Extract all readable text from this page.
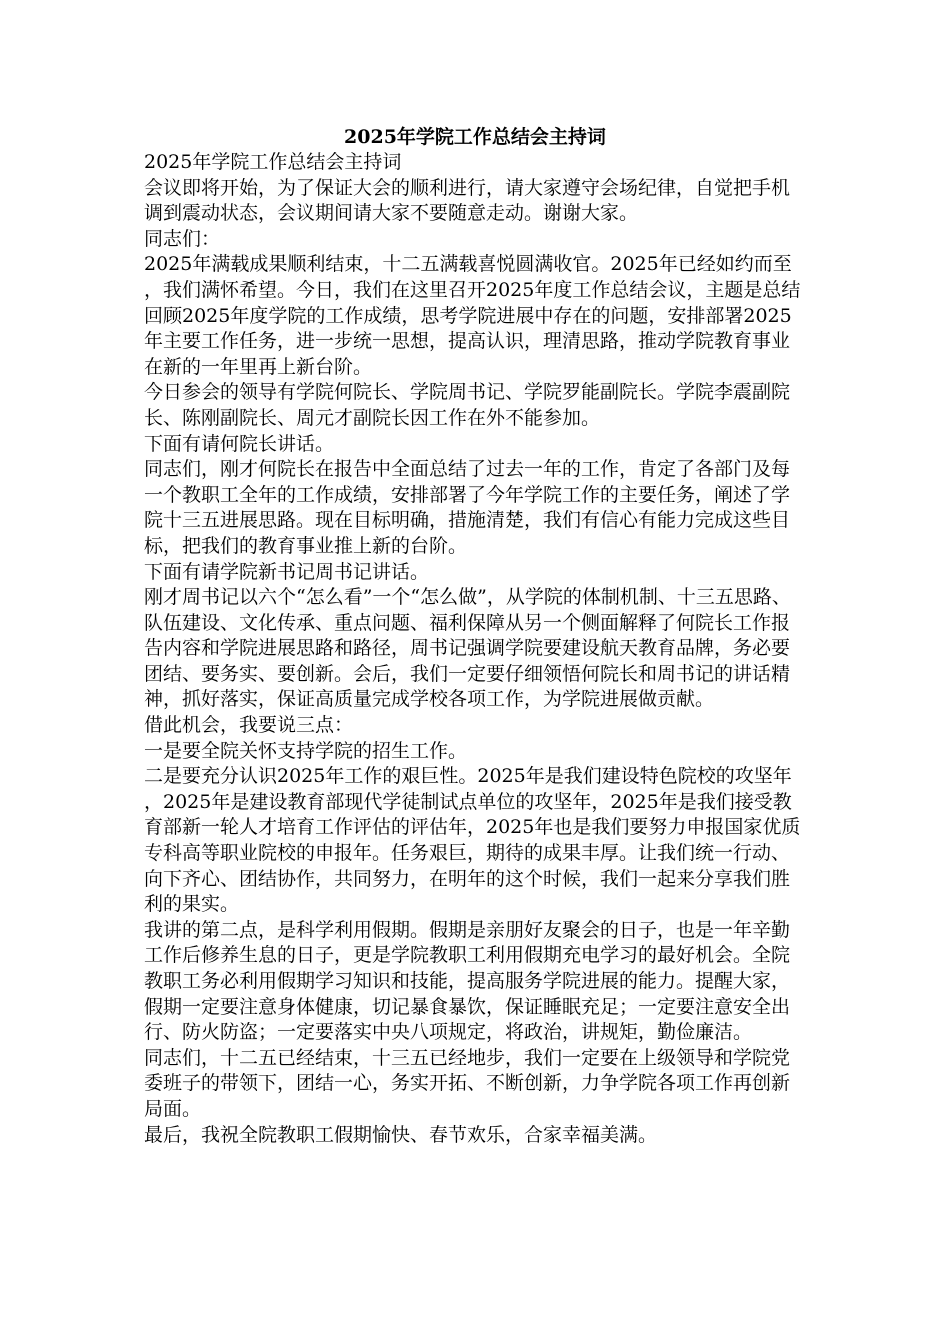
2025年学院工作总结会主持词

2025年学院工作总结会主持词

会议即将开始，为了保证大会的顺利进行，请大家遵守会场纪律，自觉把手机调到震动状态，会议期间请大家不要随意走动。谢谢大家。

同志们：

2025年满载成果顺利结束，十二五满载喜悦圆满收官。2025年已经如约而至，我们满怀希望。今日，我们在这里召开2025年度工作总结会议，主题是总结回顾2025年度学院的工作成绩，思考学院进展中存在的问题，安排部署2025年主要工作任务，进一步统一思想，提高认识，理清思路，推动学院教育事业在新的一年里再上新台阶。

今日参会的领导有学院何院长、学院周书记、学院罗能副院长。学院李震副院长、陈刚副院长、周元才副院长因工作在外不能参加。

下面有请何院长讲话。

同志们，刚才何院长在报告中全面总结了过去一年的工作，肯定了各部门及每一个教职工全年的工作成绩，安排部署了今年学院工作的主要任务，阐述了学院十三五进展思路。现在目标明确，措施清楚，我们有信心有能力完成这些目标，把我们的教育事业推上新的台阶。

下面有请学院新书记周书记讲话。

刚才周书记以六个“怎么看”一个“怎么做”，从学院的体制机制、十三五思路、队伍建设、文化传承、重点问题、福利保障从另一个侧面解释了何院长工作报告内容和学院进展思路和路径，周书记强调学院要建设航天教育品牌，务必要团结、要务实、要创新。会后，我们一定要仔细领悟何院长和周书记的讲话精神，抓好落实，保证高质量完成学校各项工作，为学院进展做贡献。

借此机会，我要说三点：

一是要全院关怀支持学院的招生工作。

二是要充分认识2025年工作的艰巨性。2025年是我们建设特色院校的攻坚年，2025年是建设教育部现代学徒制试点单位的攻坚年，2025年是我们接受教育部新一轮人才培育工作评估的评估年，2025年也是我们要努力申报国家优质专科高等职业院校的申报年。任务艰巨，期待的成果丰厚。让我们统一行动、向下齐心、团结协作，共同努力，在明年的这个时候，我们一起来分享我们胜利的果实。

我讲的第二点，是科学利用假期。假期是亲朋好友聚会的日子，也是一年辛勤工作后修养生息的日子，更是学院教职工利用假期充电学习的最好机会。全院教职工务必利用假期学习知识和技能，提高服务学院进展的能力。提醒大家，假期一定要注意身体健康，切记暴食暴饮，保证睡眠充足；一定要注意安全出行、防火防盗；一定要落实中央八项规定，将政治，讲规矩，勤俭廉洁。

同志们，十二五已经结束，十三五已经地步，我们一定要在上级领导和学院党委班子的带领下，团结一心，务实开拓、不断创新，力争学院各项工作再创新局面。

最后，我祝全院教职工假期愉快、春节欢乐，合家幸福美满。
